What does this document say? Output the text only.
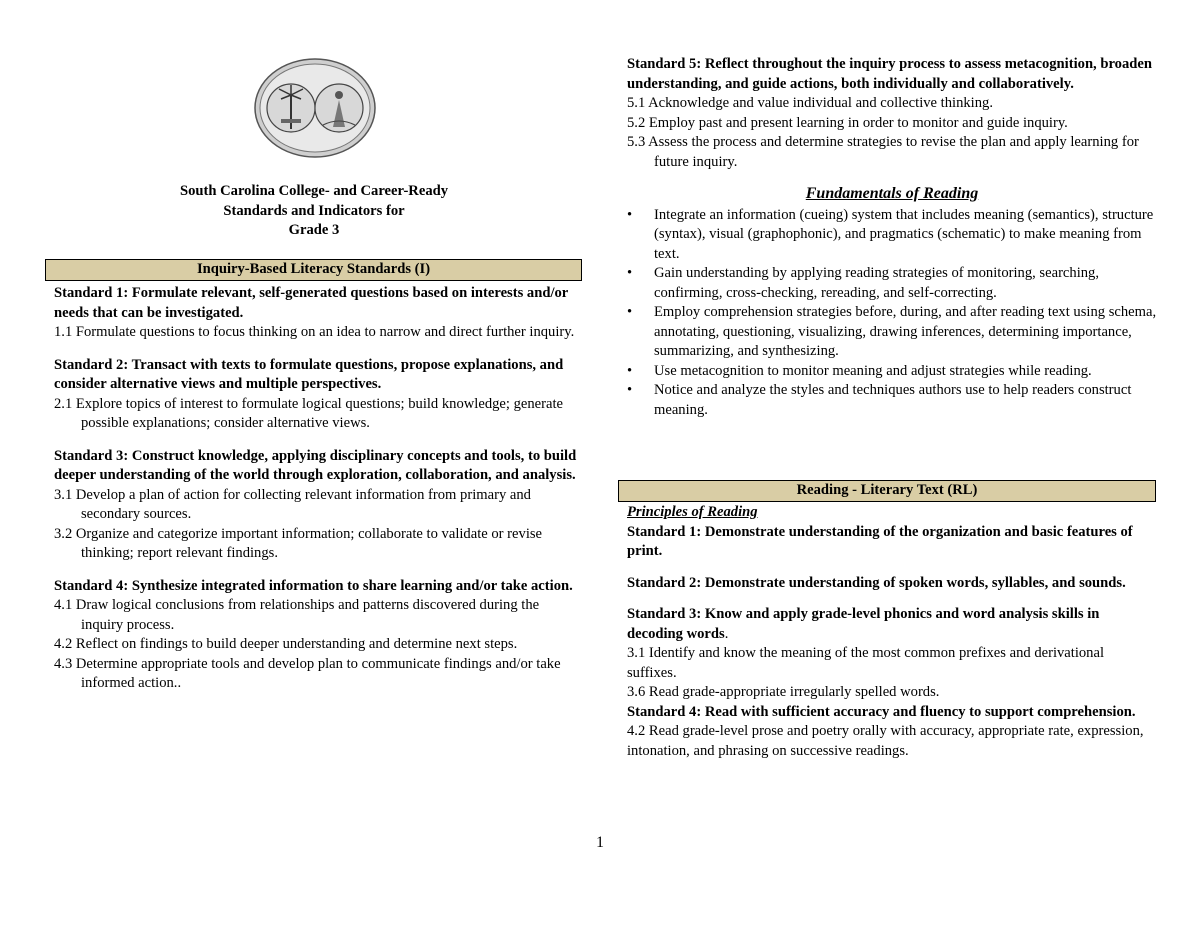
South Carolina College- and Career-Ready
Standards and Indicators for
Grade 3
Inquiry-Based Literacy Standards (I)
Standard 1: Formulate relevant, self-generated questions based on interests and/or needs that can be investigated.
1.1 Formulate questions to focus thinking on an idea to narrow and direct further inquiry.
Standard 2: Transact with texts to formulate questions, propose explanations, and consider alternative views and multiple perspectives.
2.1 Explore topics of interest to formulate logical questions; build knowledge; generate possible explanations; consider alternative views.
Standard 3: Construct knowledge, applying disciplinary concepts and tools, to build deeper understanding of the world through exploration, collaboration, and analysis.
3.1 Develop a plan of action for collecting relevant information from primary and secondary sources.
3.2 Organize and categorize important information; collaborate to validate or revise thinking; report relevant findings.
Standard 4: Synthesize integrated information to share learning and/or take action.
4.1 Draw logical conclusions from relationships and patterns discovered during the inquiry process.
4.2 Reflect on findings to build deeper understanding and determine next steps.
4.3 Determine appropriate tools and develop plan to communicate findings and/or take informed action..
Standard 5: Reflect throughout the inquiry process to assess metacognition, broaden understanding, and guide actions, both individually and collaboratively.
5.1 Acknowledge and value individual and collective thinking.
5.2 Employ past and present learning in order to monitor and guide inquiry.
5.3 Assess the process and determine strategies to revise the plan and apply learning for future inquiry.
Fundamentals of Reading
• Integrate an information (cueing) system that includes meaning (semantics), structure (syntax), visual (graphophonic), and pragmatics (schematic) to make meaning from text.
• Gain understanding by applying reading strategies of monitoring, searching, confirming, cross-checking, rereading, and self-correcting.
• Employ comprehension strategies before, during, and after reading text using schema, annotating, questioning, visualizing, drawing inferences, determining importance, summarizing, and synthesizing.
• Use metacognition to monitor meaning and adjust strategies while reading.
• Notice and analyze the styles and techniques authors use to help readers construct meaning.
Reading - Literary Text (RL)
Principles of Reading
Standard 1: Demonstrate understanding of the organization and basic features of print.
Standard 2: Demonstrate understanding of spoken words, syllables, and sounds.
Standard 3: Know and apply grade-level phonics and word analysis skills in decoding words.
3.1 Identify and know the meaning of the most common prefixes and derivational suffixes.
3.6 Read grade-appropriate irregularly spelled words.
Standard 4: Read with sufficient accuracy and fluency to support comprehension.
4.2 Read grade-level prose and poetry orally with accuracy, appropriate rate, expression, intonation, and phrasing on successive readings.
1
